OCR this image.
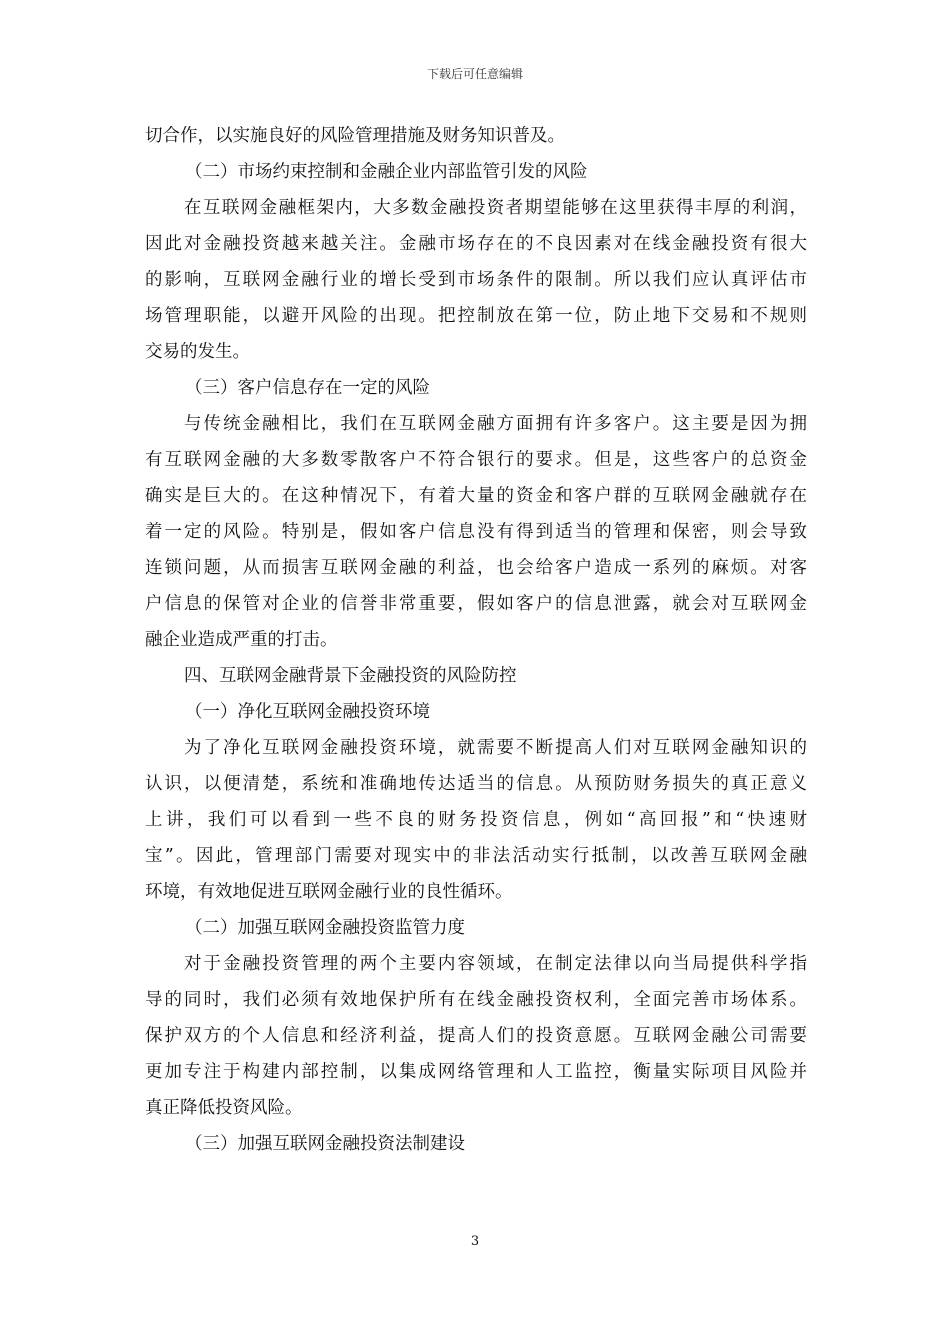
下载后可任意编辑
切合作，以实施良好的风险管理措施及财务知识普及。
（二）市场约束控制和金融企业内部监管引发的风险
在互联网金融框架内，大多数金融投资者期望能够在这里获得丰厚的利润，
因此对金融投资越来越关注。金融市场存在的不良因素对在线金融投资有很大
的影响，互联网金融行业的增长受到市场条件的限制。所以我们应认真评估市
场管理职能，以避开风险的出现。把控制放在第一位，防止地下交易和不规则
交易的发生。
（三）客户信息存在一定的风险
与传统金融相比，我们在互联网金融方面拥有许多客户。这主要是因为拥
有互联网金融的大多数零散客户不符合银行的要求。但是，这些客户的总资金
确实是巨大的。在这种情况下，有着大量的资金和客户群的互联网金融就存在
着一定的风险。特别是，假如客户信息没有得到适当的管理和保密，则会导致
连锁问题，从而损害互联网金融的利益，也会给客户造成一系列的麻烦。对客
户信息的保管对企业的信誉非常重要，假如客户的信息泄露，就会对互联网金
融企业造成严重的打击。
四、互联网金融背景下金融投资的风险防控
（一）净化互联网金融投资环境
为了净化互联网金融投资环境，就需要不断提高人们对互联网金融知识的
认识，以便清楚，系统和准确地传达适当的信息。从预防财务损失的真正意义
上讲，我们可以看到一些不良的财务投资信息，例如“高回报”和“快速财
宝”。因此，管理部门需要对现实中的非法活动实行抵制，以改善互联网金融
环境，有效地促进互联网金融行业的良性循环。
（二）加强互联网金融投资监管力度
对于金融投资管理的两个主要内容领域，在制定法律以向当局提供科学指
导的同时，我们必须有效地保护所有在线金融投资权利，全面完善市场体系。
保护双方的个人信息和经济利益，提高人们的投资意愿。互联网金融公司需要
更加专注于构建内部控制，以集成网络管理和人工监控，衡量实际项目风险并
真正降低投资风险。
（三）加强互联网金融投资法制建设
3
